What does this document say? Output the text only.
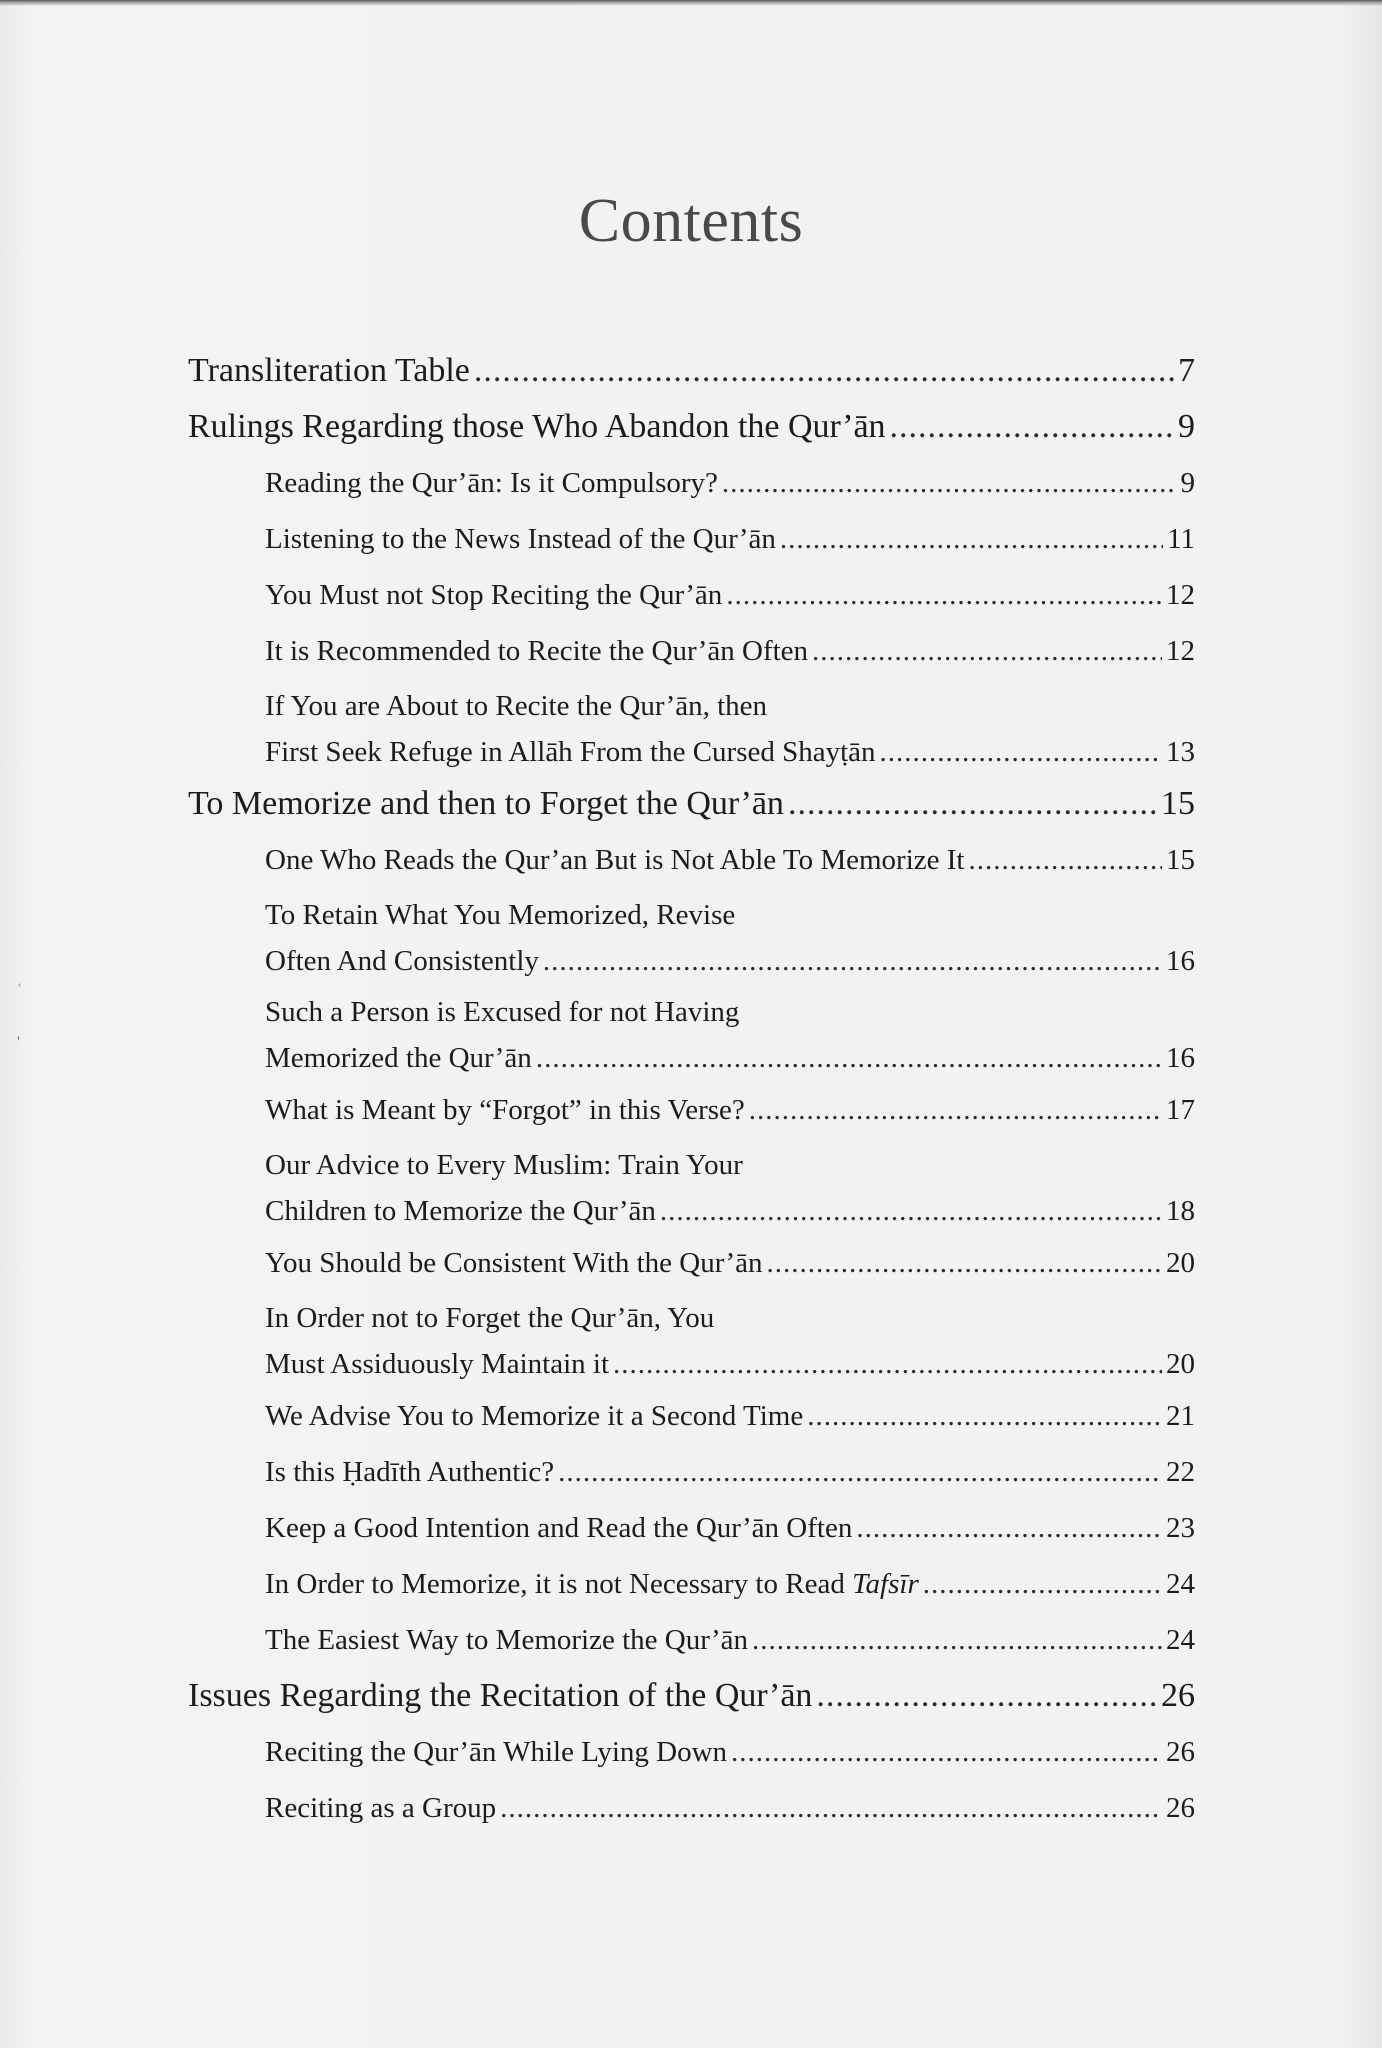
Contents
ʿ
'
Transliteration Table .....	7
Rulings Regarding those Who Abandon the Qur’ān .....	9
Reading the Qur’ān: Is it Compulsory? .....	9
Listening to the News Instead of the Qur’ān .....	11
You Must not Stop Reciting the Qur’ān .....	12
It is Recommended to Recite the Qur’ān Often .....	12
If You are About to Recite the Qur’ān, then
First Seek Refuge in Allāh From the Cursed Shayṭān .....	13
To Memorize and then to Forget the Qur’ān .....	15
One Who Reads the Qur’an But is Not Able To Memorize It .....	15
To Retain What You Memorized, Revise
Often And Consistently .....	16
Such a Person is Excused for not Having
Memorized the Qur’ān .....	16
What is Meant by “Forgot” in this Verse? .....	17
Our Advice to Every Muslim: Train Your
Children to Memorize the Qur’ān .....	18
You Should be Consistent With the Qur’ān .....	20
In Order not to Forget the Qur’ān, You
Must Assiduously Maintain it .....	20
We Advise You to Memorize it a Second Time .....	21
Is this Ḥadīth Authentic? .....	22
Keep a Good Intention and Read the Qur’ān Often .....	23
In Order to Memorize, it is not Necessary to Read Tafsīr .....	24
The Easiest Way to Memorize the Qur’ān .....	24
Issues Regarding the Recitation of the Qur’ān .....	26
Reciting the Qur’ān While Lying Down .....	26
Reciting as a Group .....	26
